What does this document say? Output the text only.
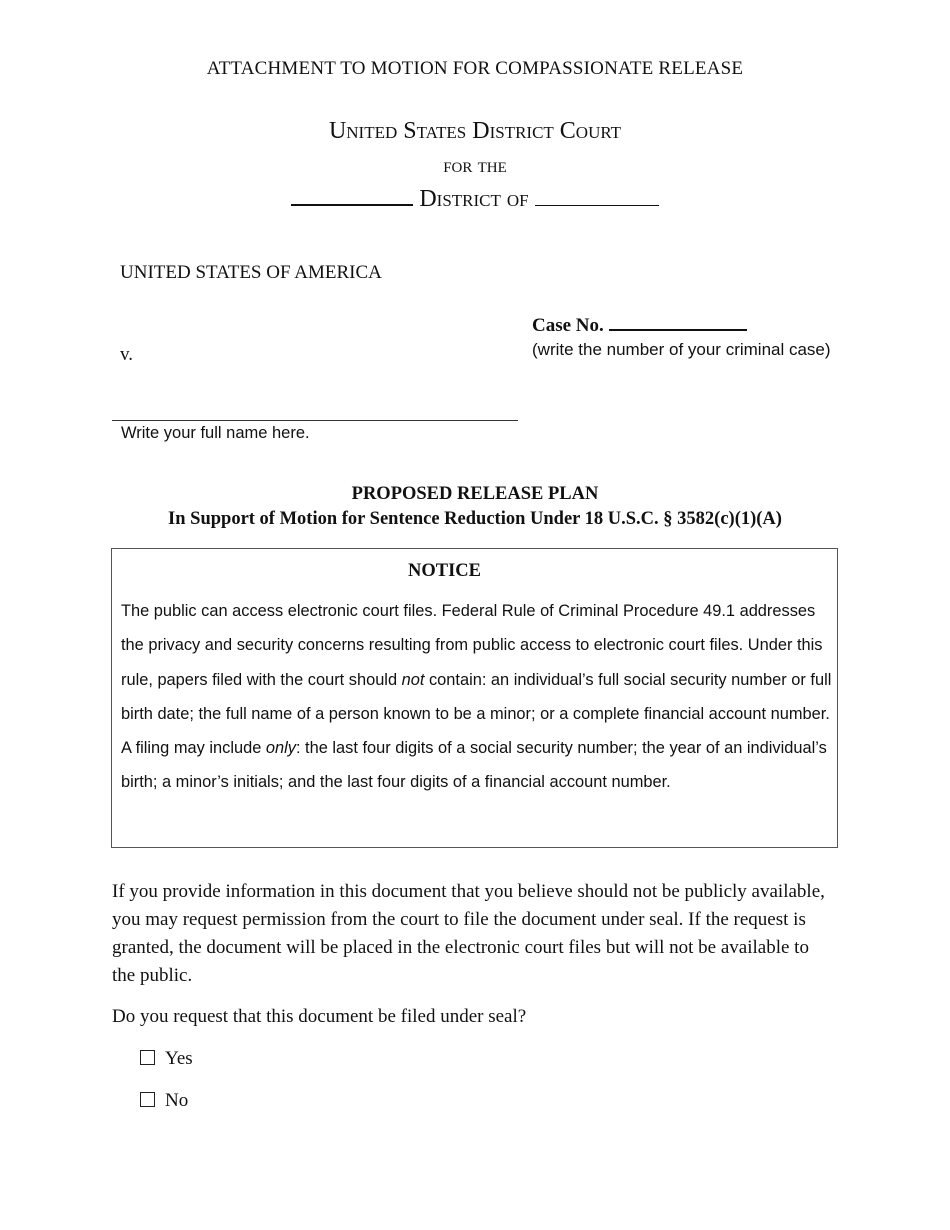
ATTACHMENT TO MOTION FOR COMPASSIONATE RELEASE
United States District Court
for the
District of
UNITED STATES OF AMERICA
v.
Case No.
(write the number of your criminal case)
Write your full name here.
PROPOSED RELEASE PLAN
In Support of Motion for Sentence Reduction Under 18 U.S.C. § 3582(c)(1)(A)
NOTICE
The public can access electronic court files. Federal Rule of Criminal Procedure 49.1 addresses the privacy and security concerns resulting from public access to electronic court files. Under this rule, papers filed with the court should not contain: an individual’s full social security number or full birth date; the full name of a person known to be a minor; or a complete financial account number. A filing may include only: the last four digits of a social security number; the year of an individual’s birth; a minor’s initials; and the last four digits of a financial account number.
If you provide information in this document that you believe should not be publicly available, you may request permission from the court to file the document under seal. If the request is granted, the document will be placed in the electronic court files but will not be available to the public.
Do you request that this document be filed under seal?
Yes
No
